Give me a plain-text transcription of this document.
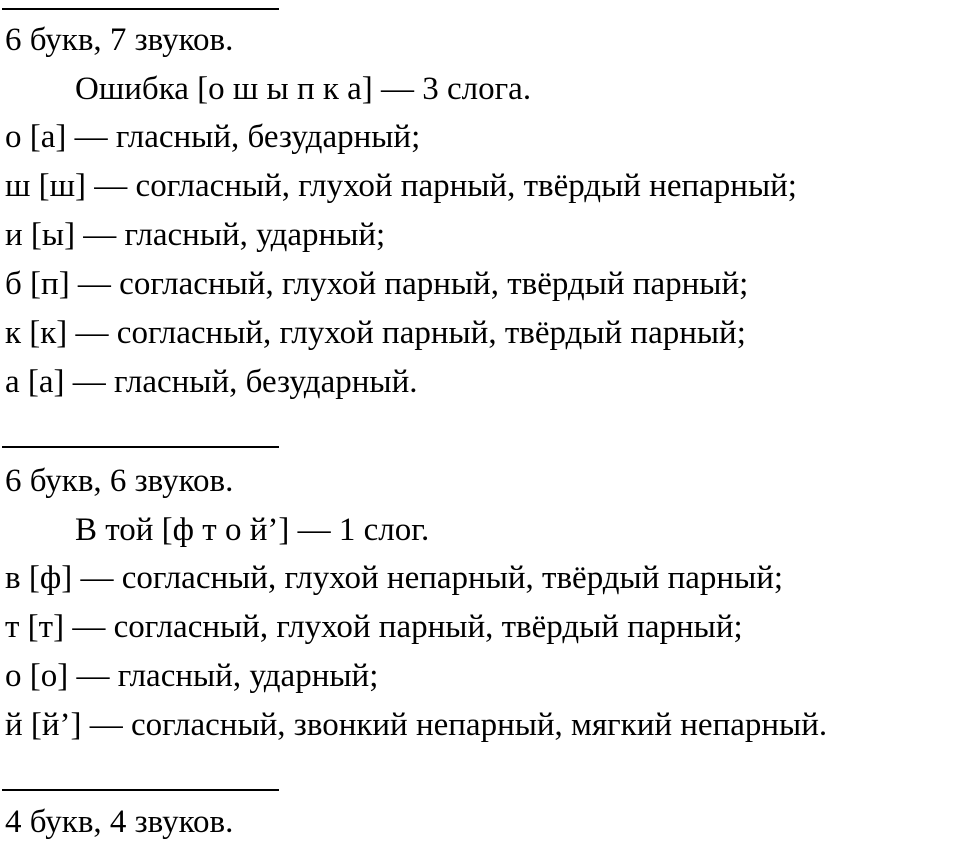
6 букв, 7 звуков.

Ошибка [о ш ы п к а] — 3 слога.

о [а] — гласный, безударный;

ш [ш] — согласный, глухой парный, твёрдый непарный;

и [ы] — гласный, ударный;

б [п] — согласный, глухой парный, твёрдый парный;

к [к] — согласный, глухой парный, твёрдый парный;

а [а] — гласный, безударный.

6 букв, 6 звуков.

В той [ф т о й’] — 1 слог.

в [ф] — согласный, глухой непарный, твёрдый парный;

т [т] — согласный, глухой парный, твёрдый парный;

о [о] — гласный, ударный;

й [й’] — согласный, звонкий непарный, мягкий непарный.

4 букв, 4 звуков.
